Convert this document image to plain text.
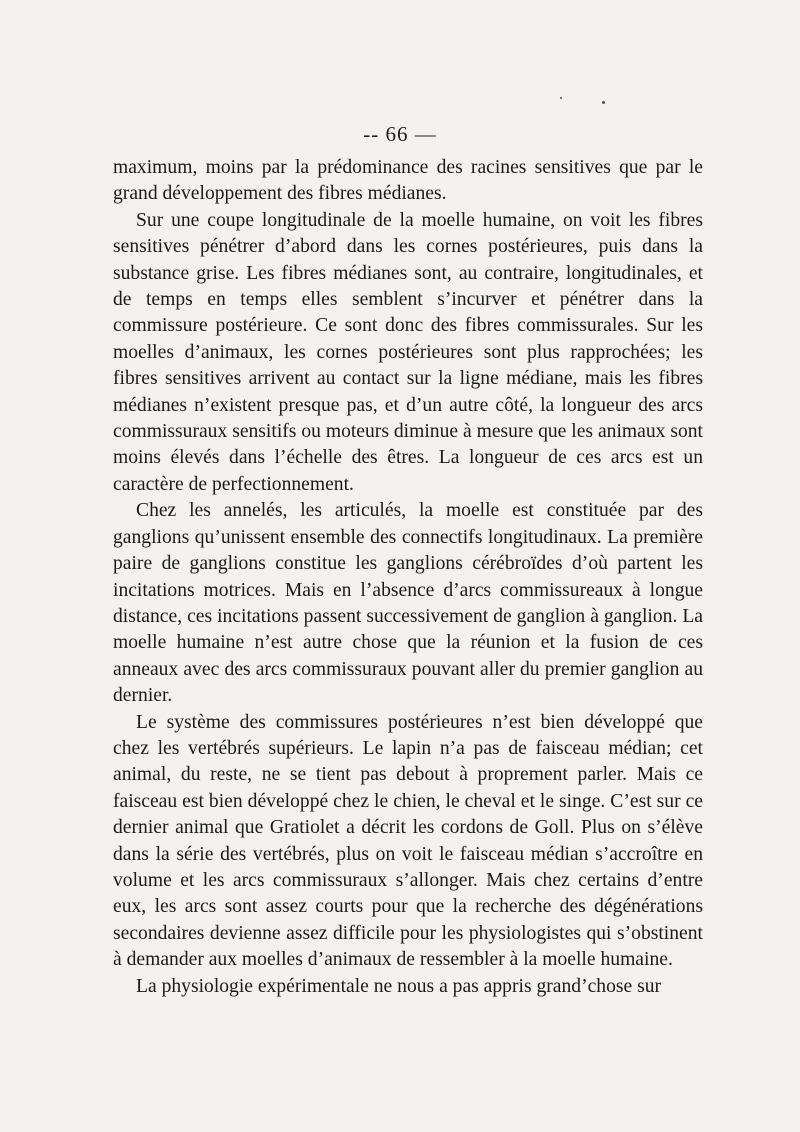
-- 66 —

maximum, moins par la prédominance des racines sensitives que par le grand développement des fibres médianes.

Sur une coupe longitudinale de la moelle humaine, on voit les fibres sensitives pénétrer d’abord dans les cornes postérieures, puis dans la substance grise. Les fibres médianes sont, au contraire, longitudinales, et de temps en temps elles semblent s’incurver et pénétrer dans la commissure postérieure. Ce sont donc des fibres commissurales. Sur les moelles d’animaux, les cornes postérieures sont plus rapprochées; les fibres sensitives arrivent au contact sur la ligne médiane, mais les fibres médianes n’existent presque pas, et d’un autre côté, la longueur des arcs commissuraux sensitifs ou moteurs diminue à mesure que les animaux sont moins élevés dans l’échelle des êtres. La longueur de ces arcs est un caractère de perfectionnement.

Chez les annelés, les articulés, la moelle est constituée par des ganglions qu’unissent ensemble des connectifs longitudinaux. La première paire de ganglions constitue les ganglions cérébroïdes d’où partent les incitations motrices. Mais en l’absence d’arcs commissureaux à longue distance, ces incitations passent successivement de ganglion à ganglion. La moelle humaine n’est autre chose que la réunion et la fusion de ces anneaux avec des arcs commissuraux pouvant aller du premier ganglion au dernier.

Le système des commissures postérieures n’est bien développé que chez les vertébrés supérieurs. Le lapin n’a pas de faisceau médian; cet animal, du reste, ne se tient pas debout à proprement parler. Mais ce faisceau est bien développé chez le chien, le cheval et le singe. C’est sur ce dernier animal que Gratiolet a décrit les cordons de Goll. Plus on s’élève dans la série des vertébrés, plus on voit le faisceau médian s’accroître en volume et les arcs commissuraux s’allonger. Mais chez certains d’entre eux, les arcs sont assez courts pour que la recherche des dégénérations secondaires devienne assez difficile pour les physiologistes qui s’obstinent à demander aux moelles d’animaux de ressembler à la moelle humaine.

La physiologie expérimentale ne nous a pas appris grand’chose sur
